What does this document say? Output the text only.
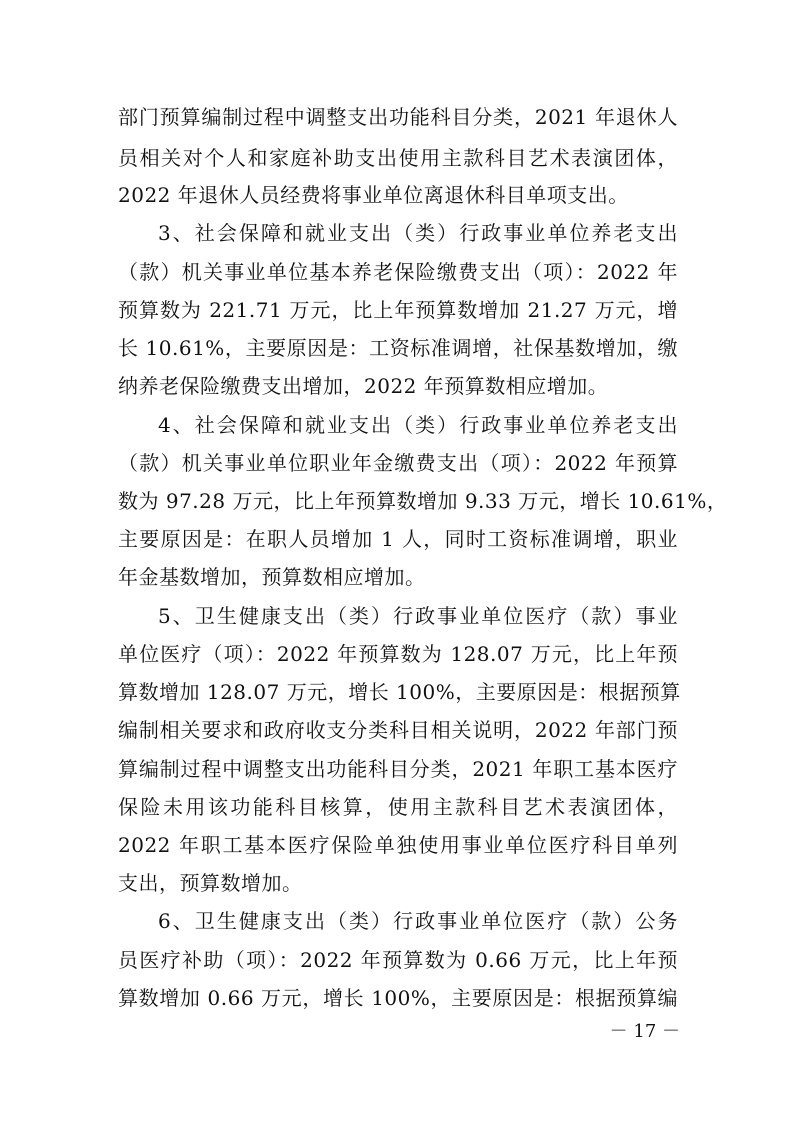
部门预算编制过程中调整支出功能科目分类，2021 年退休人
员相关对个人和家庭补助支出使用主款科目艺术表演团体，
2022 年退休人员经费将事业单位离退休科目单项支出。
3、社会保障和就业支出（类）行政事业单位养老支出
（款）机关事业单位基本养老保险缴费支出（项）：2022 年
预算数为 221.71 万元，比上年预算数增加 21.27 万元，增
长 10.61%，主要原因是：工资标准调增，社保基数增加，缴
纳养老保险缴费支出增加，2022 年预算数相应增加。
4、社会保障和就业支出（类）行政事业单位养老支出
（款）机关事业单位职业年金缴费支出（项）：2022 年预算
数为 97.28 万元，比上年预算数增加 9.33 万元，增长 10.61%，
主要原因是：在职人员增加 1 人，同时工资标准调增，职业
年金基数增加，预算数相应增加。
5、卫生健康支出（类）行政事业单位医疗（款）事业
单位医疗（项）：2022 年预算数为 128.07 万元，比上年预
算数增加 128.07 万元，增长 100%，主要原因是：根据预算
编制相关要求和政府收支分类科目相关说明，2022 年部门预
算编制过程中调整支出功能科目分类，2021 年职工基本医疗
保险未用该功能科目核算，使用主款科目艺术表演团体，
2022 年职工基本医疗保险单独使用事业单位医疗科目单列
支出，预算数增加。
6、卫生健康支出（类）行政事业单位医疗（款）公务
员医疗补助（项）：2022 年预算数为 0.66 万元，比上年预
算数增加 0.66 万元，增长 100%，主要原因是：根据预算编
－ 17 －
